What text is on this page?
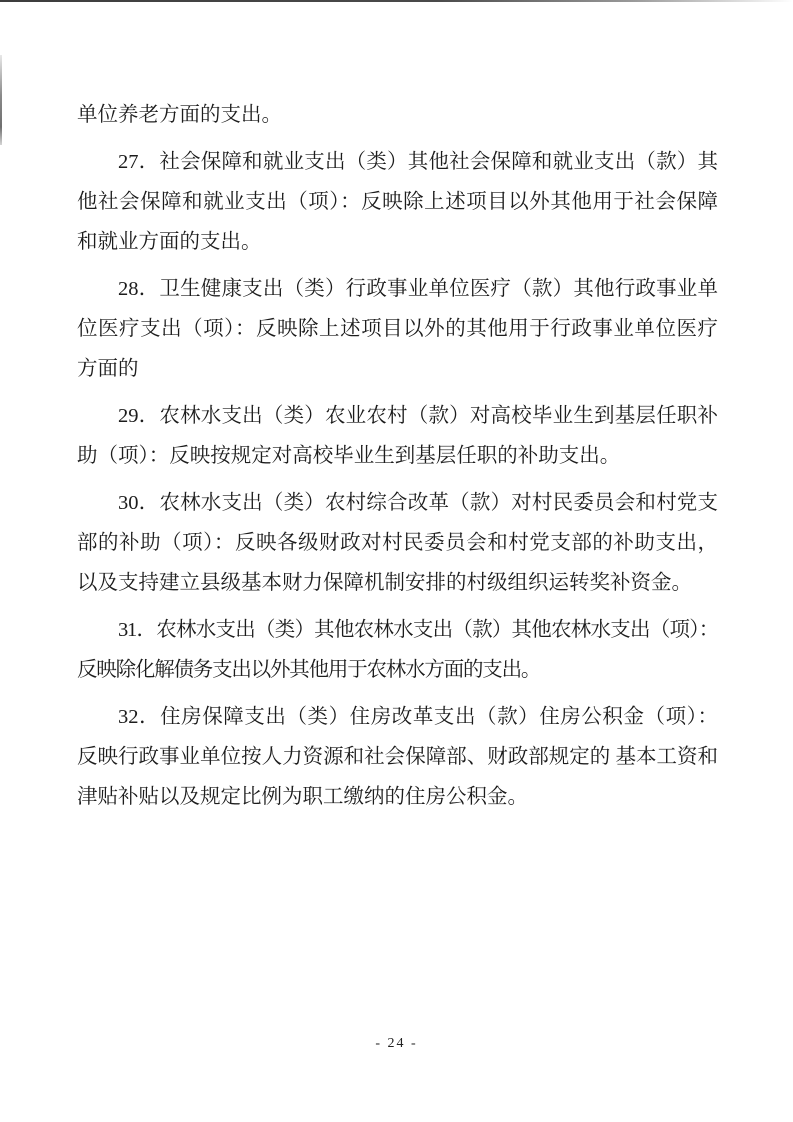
单位养老方面的支出。

27．社会保障和就业支出（类）其他社会保障和就业支出（款）其他社会保障和就业支出（项）：反映除上述项目以外其他用于社会保障和就业方面的支出。

28．卫生健康支出（类）行政事业单位医疗（款）其他行政事业单位医疗支出（项）：反映除上述项目以外的其他用于行政事业单位医疗方面的

29．农林水支出（类）农业农村（款）对高校毕业生到基层任职补助（项）：反映按规定对高校毕业生到基层任职的补助支出。

30．农林水支出（类）农村综合改革（款）对村民委员会和村党支部的补助（项）：反映各级财政对村民委员会和村党支部的补助支出，以及支持建立县级基本财力保障机制安排的村级组织运转奖补资金。

31．农林水支出（类）其他农林水支出（款）其他农林水支出（项）：反映除化解债务支出以外其他用于农林水方面的支出。

32．住房保障支出（类）住房改革支出（款）住房公积金（项）：反映行政事业单位按人力资源和社会保障部、财政部规定的 基本工资和津贴补贴以及规定比例为职工缴纳的住房公积金。

- 24 -
